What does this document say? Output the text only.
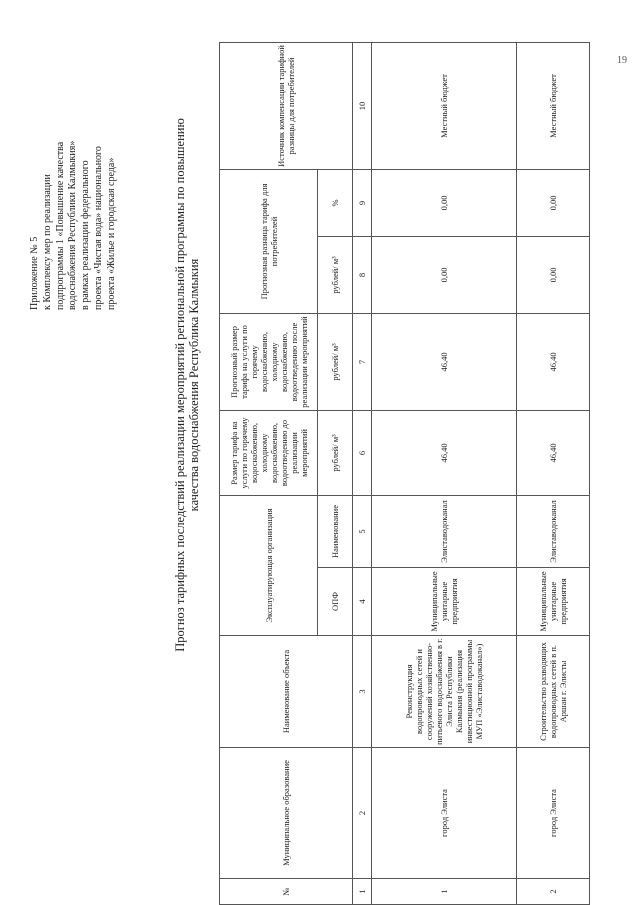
19
Приложение № 5 к Комплексу мер по реализации подпрограммы 1 «Повышение качества водоснабжения Республики Калмыкия» в рамках реализации федерального проекта «Чистая вода» национального проекта «Жилье и городская среда»	Прогноз тарифных последствий реализации мероприятий региональной программы по повышению качества водоснабжения Республика Калмыкия
№	Муниципальное образование	Наименование объекта	Эксплуатирующая организация		Размер тарифа на услуги по горячему водоснабжению, холодному водоснабжению, водоотведению до реализации мероприятий	Прогнозный размер тарифа на услуги по горячему водоснабжению, холодному водоснабжению, водоотведению после реализации мероприятий	Прогнозная разница тарифа для потребителей		Источник компенсации тарифной разницы для потребителей
			ОПФ	Наименование	рублей/ м³	рублей/ м³	рублей/ м³	%	
1	2	3	4	5	6	7	8	9	10
1	город Элиста	Реконструкция водопроводных сетей и сооружений хозяйственно-питьевого водоснабжения в г. Элиста Республики Калмыкия (реализация инвестиционной программы МУП «Элиставодоканал»)	Муниципальные унитарные предприятия	Элиставодоканал	46,40	46,40	0,00	0,00	Местный бюджет
2	город Элиста	Строительство разводящих водопроводных сетей в п. Аршан г. Элисты	Муниципальные унитарные предприятия	Элиставодоканал	46,40	46,40	0,00	0,00	Местный бюджет
